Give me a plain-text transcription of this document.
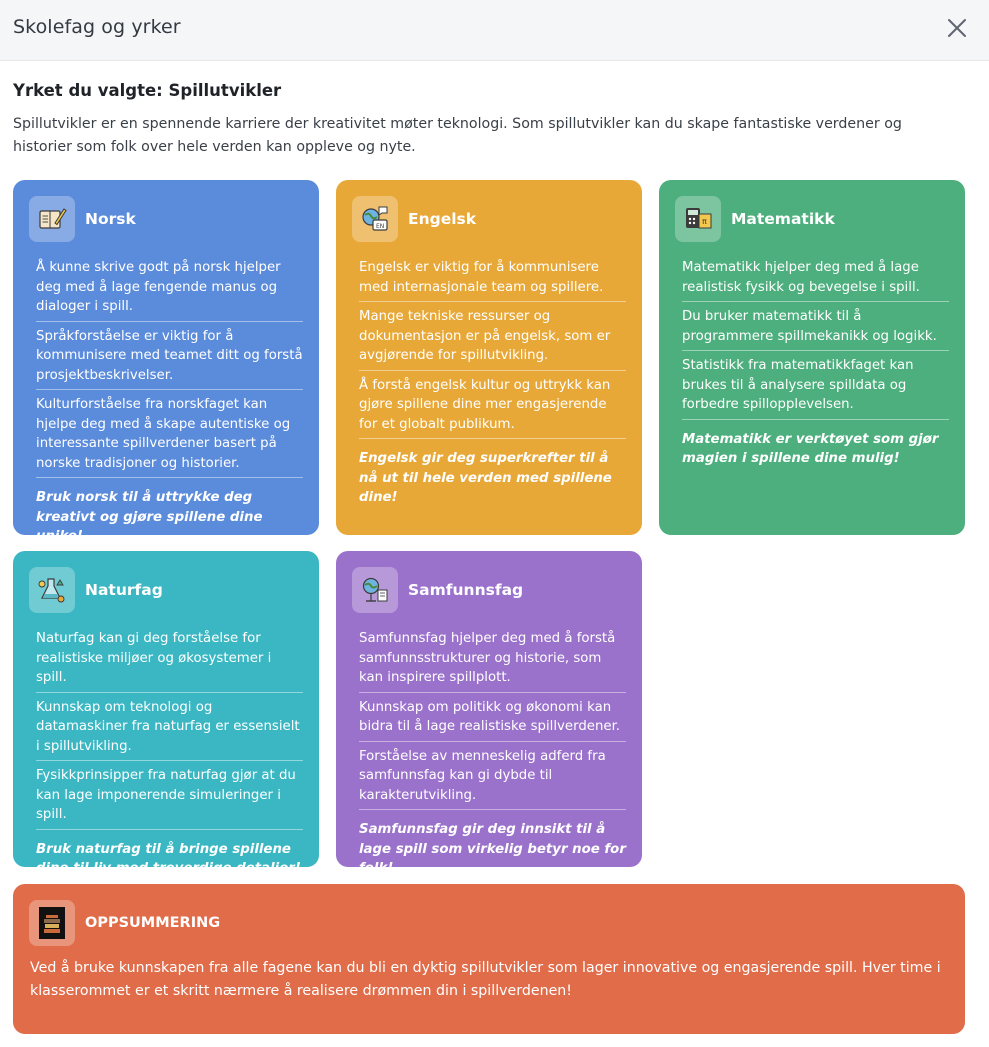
Skolefag og yrker
Yrket du valgte: Spillutvikler
Spillutvikler er en spennende karriere der kreativitet møter teknologi. Som spillutvikler kan du skape fantastiske verdener og historier som folk over hele verden kan oppleve og nyte.
Norsk
Å kunne skrive godt på norsk hjelper deg med å lage fengende manus og dialoger i spill.
Språkforståelse er viktig for å kommunisere med teamet ditt og forstå prosjektbeskrivelser.
Kulturforståelse fra norskfaget kan hjelpe deg med å skape autentiske og interessante spillverdener basert på norske tradisjoner og historier.
Bruk norsk til å uttrykke deg kreativt og gjøre spillene dine unike!
EN Engelsk
Engelsk er viktig for å kommunisere med internasjonale team og spillere.
Mange tekniske ressurser og dokumentasjon er på engelsk, som er avgjørende for spillutvikling.
Å forstå engelsk kultur og uttrykk kan gjøre spillene dine mer engasjerende for et globalt publikum.
Engelsk gir deg superkrefter til å nå ut til hele verden med spillene dine!
π Matematikk
Matematikk hjelper deg med å lage realistisk fysikk og bevegelse i spill.
Du bruker matematikk til å programmere spillmekanikk og logikk.
Statistikk fra matematikkfaget kan brukes til å analysere spilldata og forbedre spillopplevelsen.
Matematikk er verktøyet som gjør magien i spillene dine mulig!
Naturfag
Naturfag kan gi deg forståelse for realistiske miljøer og økosystemer i spill.
Kunnskap om teknologi og datamaskiner fra naturfag er essensielt i spillutvikling.
Fysikkprinsipper fra naturfag gjør at du kan lage imponerende simuleringer i spill.
Bruk naturfag til å bringe spillene dine til liv med troverdige detaljer!
Samfunnsfag
Samfunnsfag hjelper deg med å forstå samfunnsstrukturer og historie, som kan inspirere spillplott.
Kunnskap om politikk og økonomi kan bidra til å lage realistiske spillverdener.
Forståelse av menneskelig adferd fra samfunnsfag kan gi dybde til karakterutvikling.
Samfunnsfag gir deg innsikt til å lage spill som virkelig betyr noe for folk!
OPPSUMMERING
Ved å bruke kunnskapen fra alle fagene kan du bli en dyktig spillutvikler som lager innovative og engasjerende spill. Hver time i klasserommet er et skritt nærmere å realisere drømmen din i spillverdenen!
